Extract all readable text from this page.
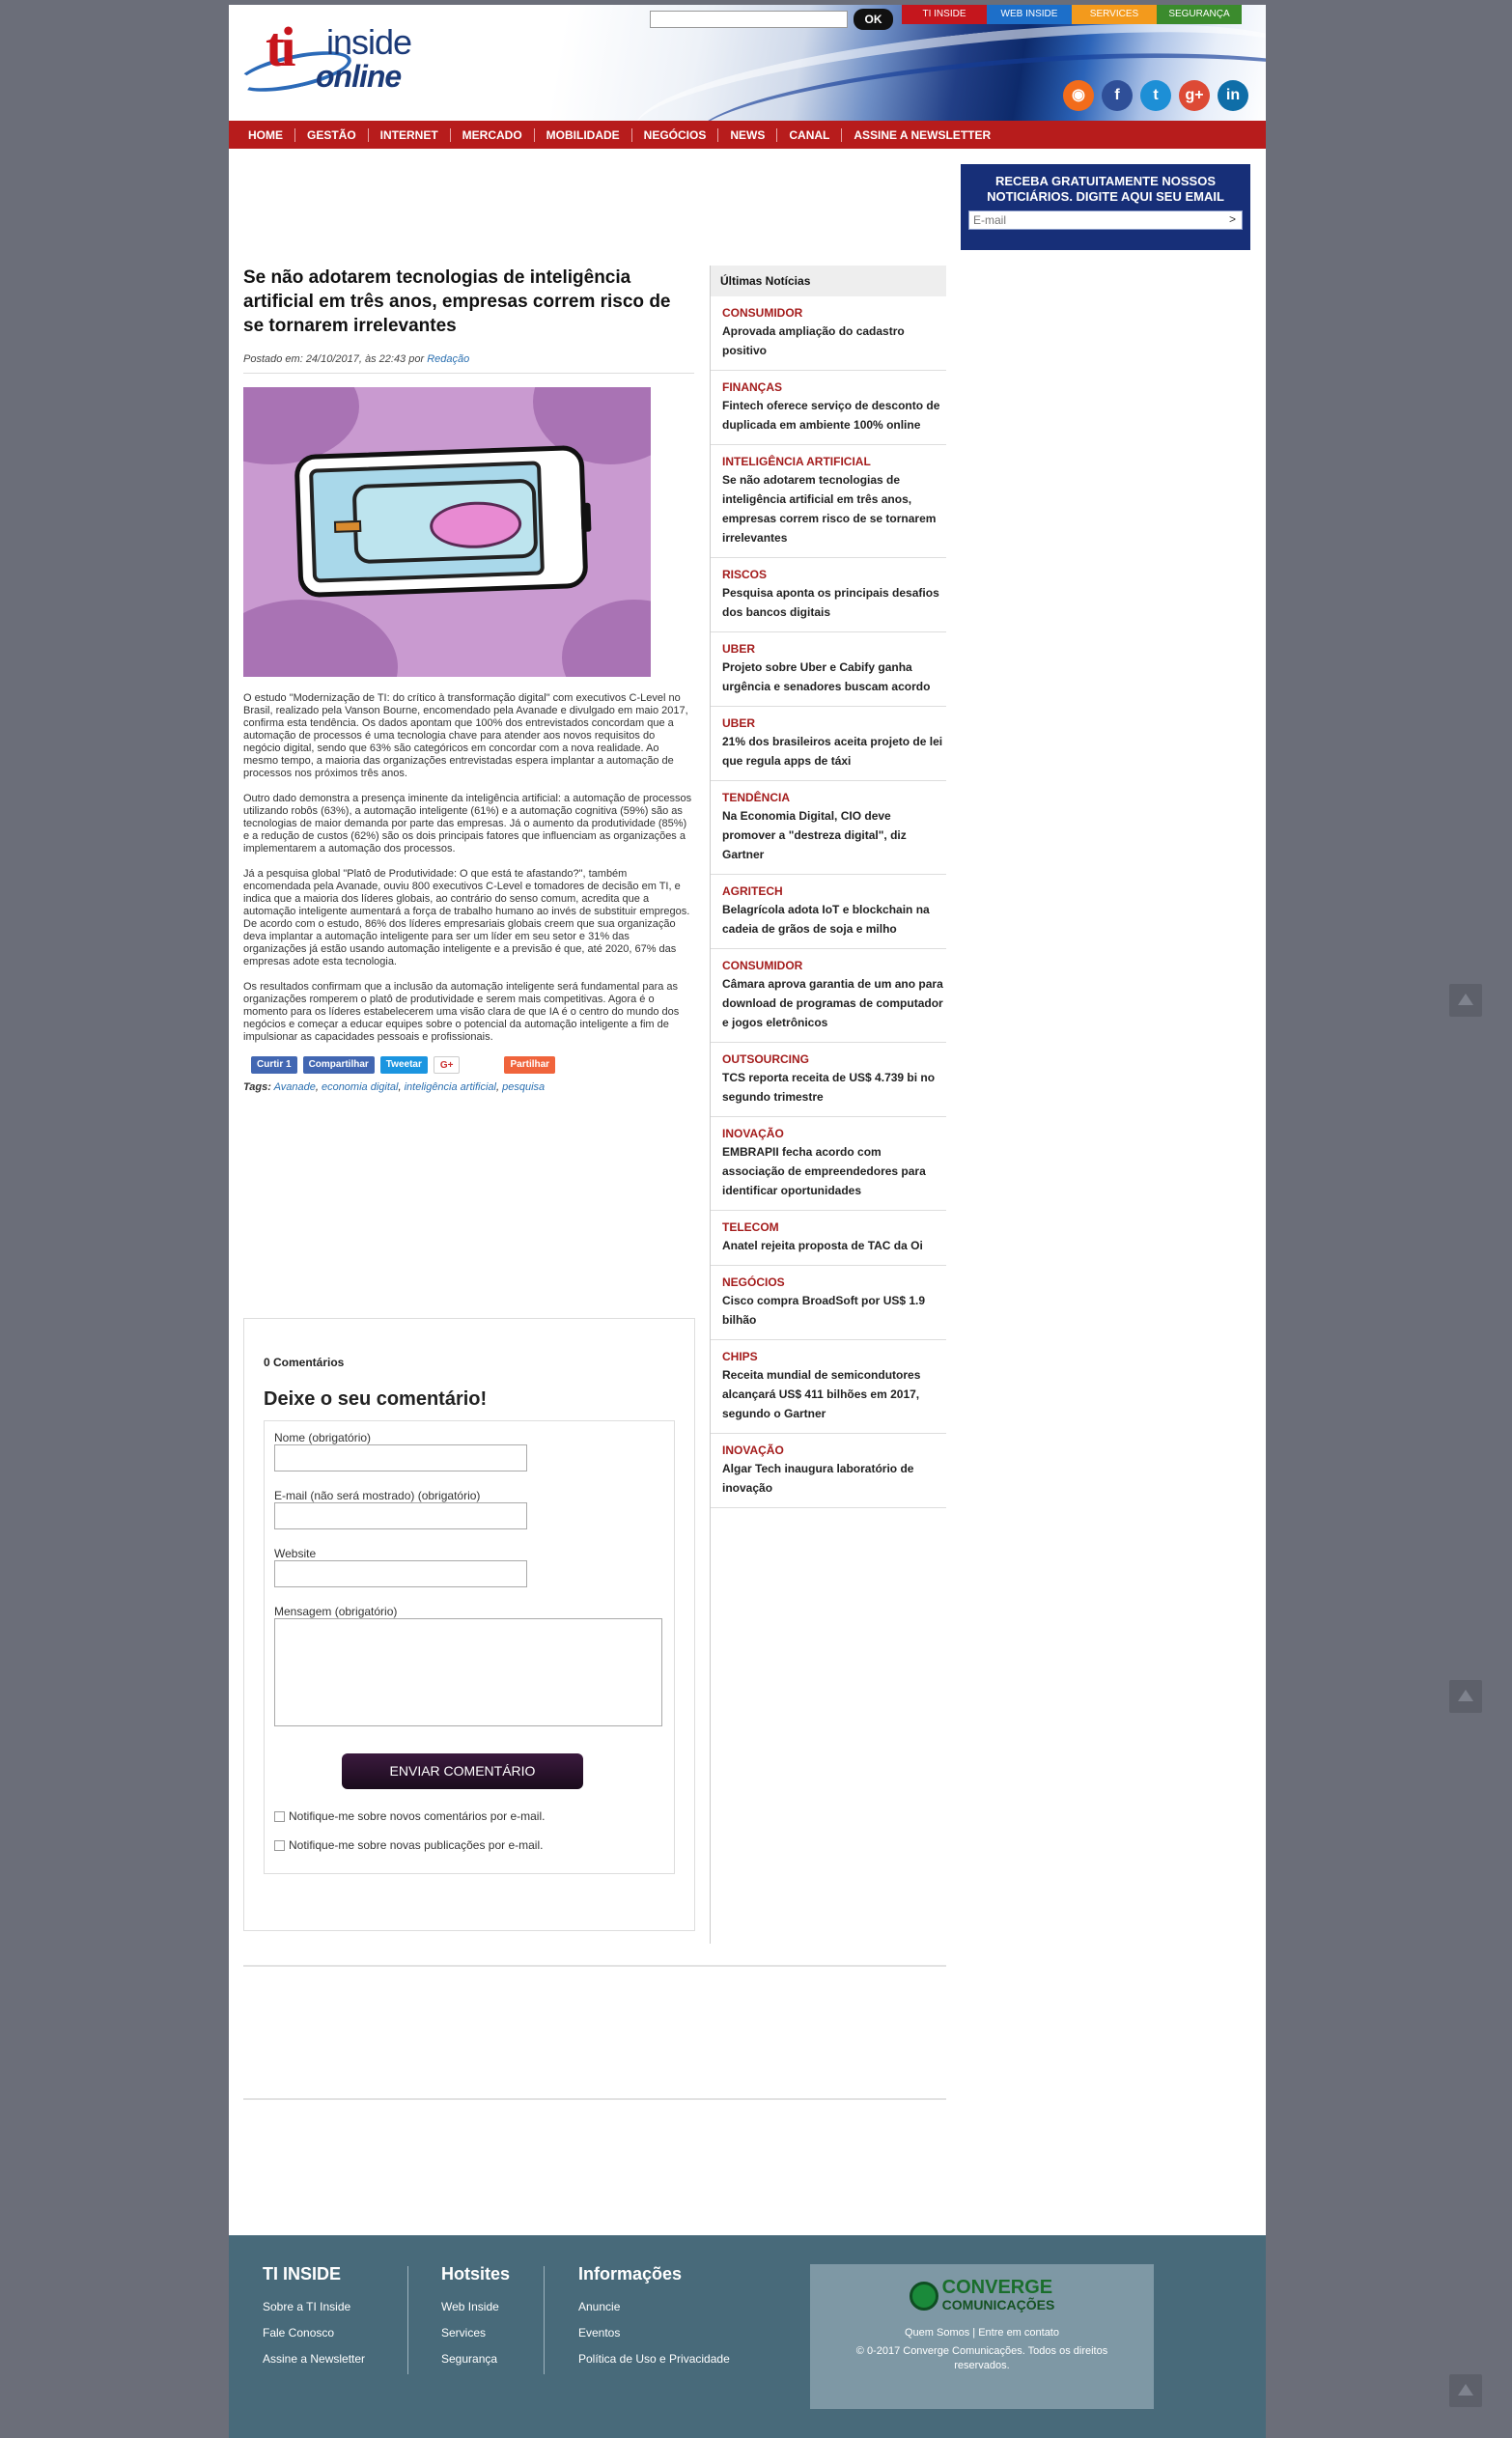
ti inside
online
OK	TI INSIDE	WEB INSIDE	SERVICES	SEGURANÇA
◉	f	t	g+	in
HOME	GESTÃO	INTERNET	MERCADO	MOBILIDADE	NEGÓCIOS	NEWS	CANAL	ASSINE A NEWSLETTER
RECEBA GRATUITAMENTE NOSSOS NOTICIÁRIOS. DIGITE AQUI SEU EMAIL
E-mail
>
Se não adotarem tecnologias de inteligência artificial em três anos, empresas correm risco de se tornarem irrelevantes
Postado em: 24/10/2017, às 22:43 por Redação

O estudo "Modernização de TI: do crítico à transformação digital" com executivos C-Level no Brasil, realizado pela Vanson Bourne, encomendado pela Avanade e divulgado em maio 2017, confirma esta tendência. Os dados apontam que 100% dos entrevistados concordam que a automação de processos é uma tecnologia chave para atender aos novos requisitos do negócio digital, sendo que 63% são categóricos em concordar com a nova realidade. Ao mesmo tempo, a maioria das organizações entrevistadas espera implantar a automação de processos nos próximos três anos.

Outro dado demonstra a presença iminente da inteligência artificial: a automação de processos utilizando robôs (63%), a automação inteligente (61%) e a automação cognitiva (59%) são as tecnologias de maior demanda por parte das empresas. Já o aumento da produtividade (85%) e a redução de custos (62%) são os dois principais fatores que influenciam as organizações a implementarem a automação dos processos.

Já a pesquisa global "Platô de Produtividade: O que está te afastando?", também encomendada pela Avanade, ouviu 800 executivos C-Level e tomadores de decisão em TI, e indica que a maioria dos líderes globais, ao contrário do senso comum, acredita que a automação inteligente aumentará a força de trabalho humano ao invés de substituir empregos. De acordo com o estudo, 86% dos líderes empresariais globais creem que sua organização deva implantar a automação inteligente para ser um líder em seu setor e 31% das organizações já estão usando automação inteligente e a previsão é que, até 2020, 67% das empresas adote esta tecnologia.

Os resultados confirmam que a inclusão da automação inteligente será fundamental para as organizações romperem o platô de produtividade e serem mais competitivas. Agora é o momento para os líderes estabelecerem uma visão clara de que IA é o centro do mundo dos negócios e começar a educar equipes sobre o potencial da automação inteligente a fim de impulsionar as capacidades pessoais e profissionais.

Curtir 1	Compartilhar	Tweetar	G+	Partilhar
Tags: Avanade, economia digital, inteligência artificial, pesquisa
0 Comentários
Deixe o seu comentário!
Nome (obrigatório)
E-mail (não será mostrado) (obrigatório)
Website
Mensagem (obrigatório)
ENVIAR COMENTÁRIO
Notifique-me sobre novos comentários por e-mail.
Notifique-me sobre novas publicações por e-mail.
Últimas Notícias
CONSUMIDOR
Aprovada ampliação do cadastro positivo
FINANÇAS
Fintech oferece serviço de desconto de duplicada em ambiente 100% online
INTELIGÊNCIA ARTIFICIAL
Se não adotarem tecnologias de inteligência artificial em três anos, empresas correm risco de se tornarem irrelevantes
RISCOS
Pesquisa aponta os principais desafios dos bancos digitais
UBER
Projeto sobre Uber e Cabify ganha urgência e senadores buscam acordo
UBER
21% dos brasileiros aceita projeto de lei que regula apps de táxi
TENDÊNCIA
Na Economia Digital, CIO deve promover a "destreza digital", diz Gartner
AGRITECH
Belagrícola adota IoT e blockchain na cadeia de grãos de soja e milho
CONSUMIDOR
Câmara aprova garantia de um ano para download de programas de computador e jogos eletrônicos
OUTSOURCING
TCS reporta receita de US$ 4.739 bi no segundo trimestre
INOVAÇÃO
EMBRAPII fecha acordo com associação de empreendedores para identificar oportunidades
TELECOM
Anatel rejeita proposta de TAC da Oi
NEGÓCIOS
Cisco compra BroadSoft por US$ 1.9 bilhão
CHIPS
Receita mundial de semicondutores alcançará US$ 411 bilhões em 2017, segundo o Gartner
INOVAÇÃO
Algar Tech inaugura laboratório de inovação
TI INSIDE
Sobre a TI Inside
Fale Conosco
Assine a Newsletter
Hotsites
Web Inside
Services
Segurança
Informações
Anuncie
Eventos
Política de Uso e Privacidade
CONVERGE
COMUNICAÇÕES
Quem Somos | Entre em contato
© 0-2017 Converge Comunicações. Todos os direitos reservados.
